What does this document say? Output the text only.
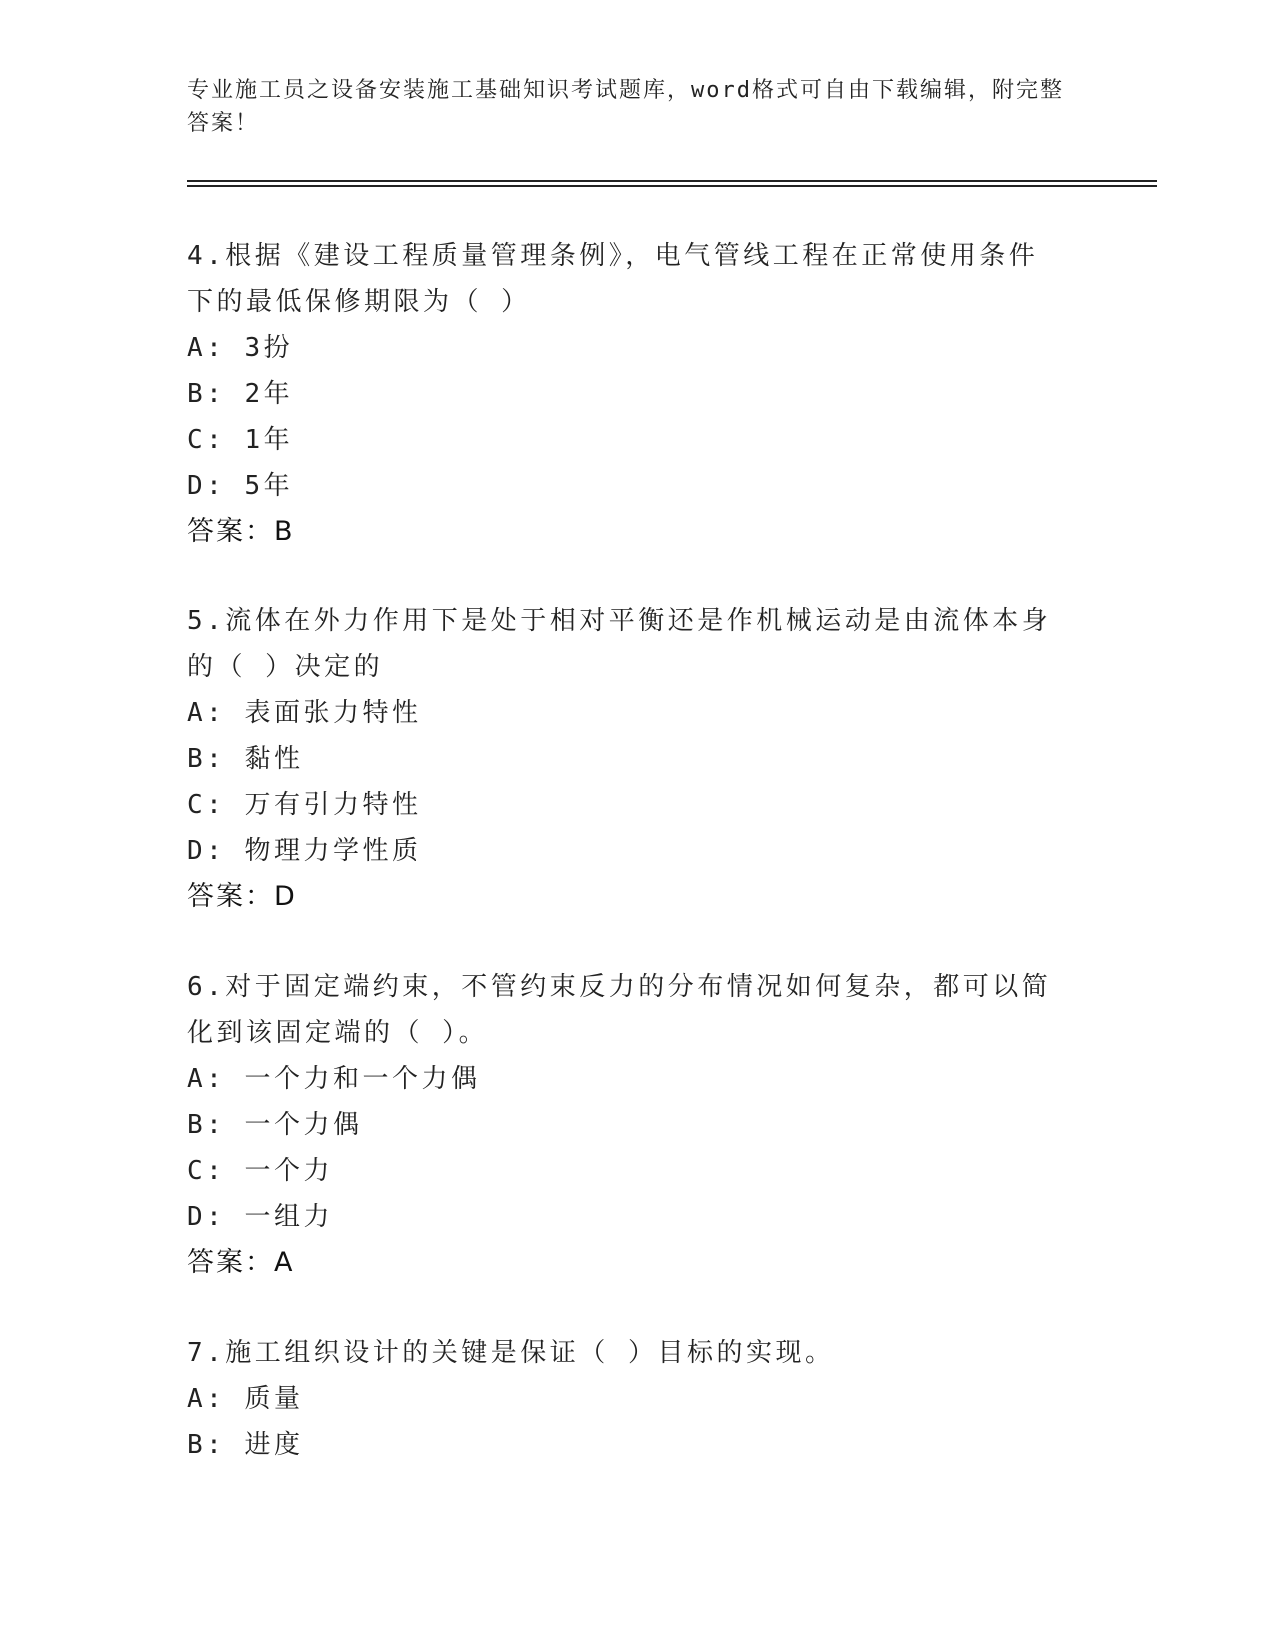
专业施工员之设备安装施工基础知识考试题库，word格式可自由下载编辑，附完整答案！

4.根据《建设工程质量管理条例》，电气管线工程在正常使用条件下的最低保修期限为（ ）

A: 3扮

B: 2年

C: 1年

D: 5年

答案：B

5.流体在外力作用下是处于相对平衡还是作机械运动是由流体本身的（ ）决定的

A: 表面张力特性

B: 黏性

C: 万有引力特性

D: 物理力学性质

答案：D

6.对于固定端约束，不管约束反力的分布情况如何复杂，都可以简化到该固定端的（ ）。

A: 一个力和一个力偶

B: 一个力偶

C: 一个力

D: 一组力

答案：A

7.施工组织设计的关键是保证（ ）目标的实现。

A: 质量

B: 进度
